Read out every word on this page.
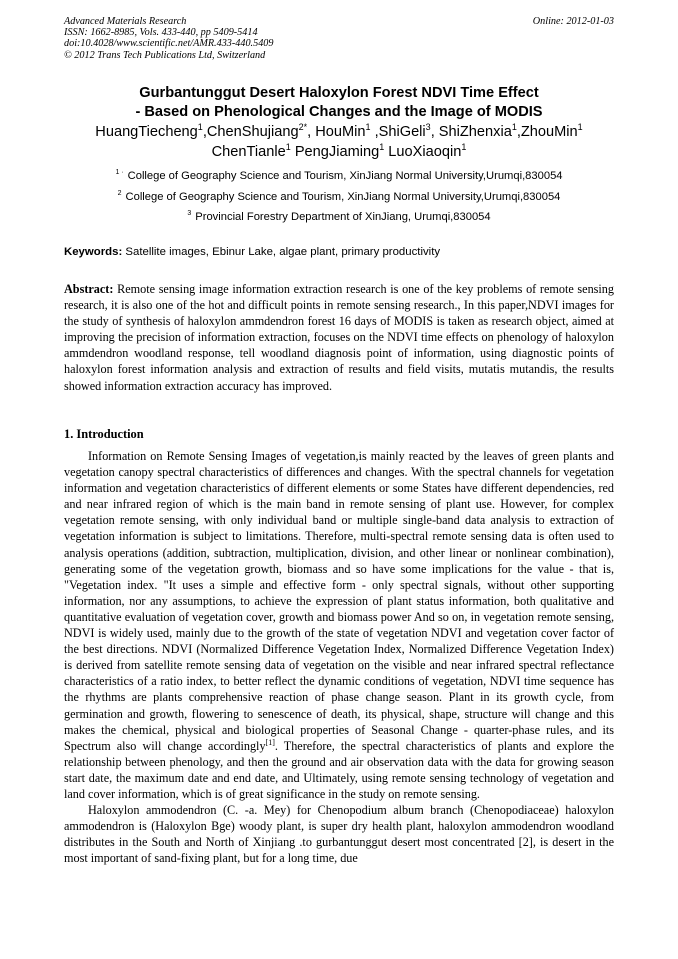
Advanced Materials Research
ISSN: 1662-8985, Vols. 433-440, pp 5409-5414
doi:10.4028/www.scientific.net/AMR.433-440.5409
© 2012 Trans Tech Publications Ltd, Switzerland
Online: 2012-01-03
Gurbantunggut Desert Haloxylon Forest NDVI Time Effect
- Based on Phenological Changes and the Image of MODIS
HuangTiecheng$^1$,ChenShujiang$^{2*}$, HouMin$^1$ ,ShiGeli$^3$, ShiZhenxia$^1$,ZhouMin$^1$
ChenTianle$^1$ PengJiaming$^1$ LuoXiaoqin$^1$
$^{1 \cdot}$ College of Geography Science and Tourism, XinJiang Normal University,Urumqi,830054
$^2$ College of Geography Science and Tourism, XinJiang Normal University,Urumqi,830054
$^3$ Provincial Forestry Department of XinJiang, Urumqi,830054
Keywords: Satellite images, Ebinur Lake, algae plant, primary productivity

Abstract: Remote sensing image information extraction research is one of the key problems of remote sensing research, it is also one of the hot and difficult points in remote sensing research., In this paper,NDVI images for the study of synthesis of haloxylon ammdendron forest 16 days of MODIS is taken as research object, aimed at improving the precision of information extraction, focuses on the NDVI time effects on phenology of haloxylon ammdendron woodland response, tell woodland diagnosis point of information, using diagnostic points of haloxylon forest information analysis and extraction of results and field visits, mutatis mutandis, the results showed information extraction accuracy has improved.

1. Introduction

Information on Remote Sensing Images of vegetation,is mainly reacted by the leaves of green plants and vegetation canopy spectral characteristics of differences and changes. With the spectral channels for vegetation information and vegetation characteristics of different elements or some States have different dependencies, red and near infrared region of which is the main band in remote sensing of plant use. However, for complex vegetation remote sensing, with only individual band or multiple single-band data analysis to extraction of vegetation information is subject to limitations. Therefore, multi-spectral remote sensing data is often used to analysis operations (addition, subtraction, multiplication, division, and other linear or nonlinear combination), generating some of the vegetation growth, biomass and so have some implications for the value - that is, "Vegetation index. "It uses a simple and effective form - only spectral signals, without other supporting information, nor any assumptions, to achieve the expression of plant status information, both qualitative and quantitative evaluation of vegetation cover, growth and biomass power And so on, in vegetation remote sensing, NDVI is widely used, mainly due to the growth of the state of vegetation NDVI and vegetation cover factor of the best directions. NDVI (Normalized Difference Vegetation Index, Normalized Difference Vegetation Index) is derived from satellite remote sensing data of vegetation on the visible and near infrared spectral reflectance characteristics of a ratio index, to better reflect the dynamic conditions of vegetation, NDVI time sequence has the rhythms are plants comprehensive reaction of phase change season. Plant in its growth cycle, from germination and growth, flowering to senescence of death, its physical, shape, structure will change and this makes the chemical, physical and biological properties of Seasonal Change - quarter-phase rules, and its Spectrum also will change accordingly[1]. Therefore, the spectral characteristics of plants and explore the relationship between phenology, and then the ground and air observation data with the data for growing season start date, the maximum date and end date, and Ultimately, using remote sensing technology of vegetation and land cover information, which is of great significance in the study on remote sensing.

Haloxylon ammodendron (C. -a. Mey) for Chenopodium album branch (Chenopodiaceae) haloxylon ammodendron is (Haloxylon Bge) woody plant, is super dry health plant, haloxylon ammodendron woodland distributes in the South and North of Xinjiang .to gurbantunggut desert most concentrated [2], is desert in the most important of sand-fixing plant, but for a long time, due
